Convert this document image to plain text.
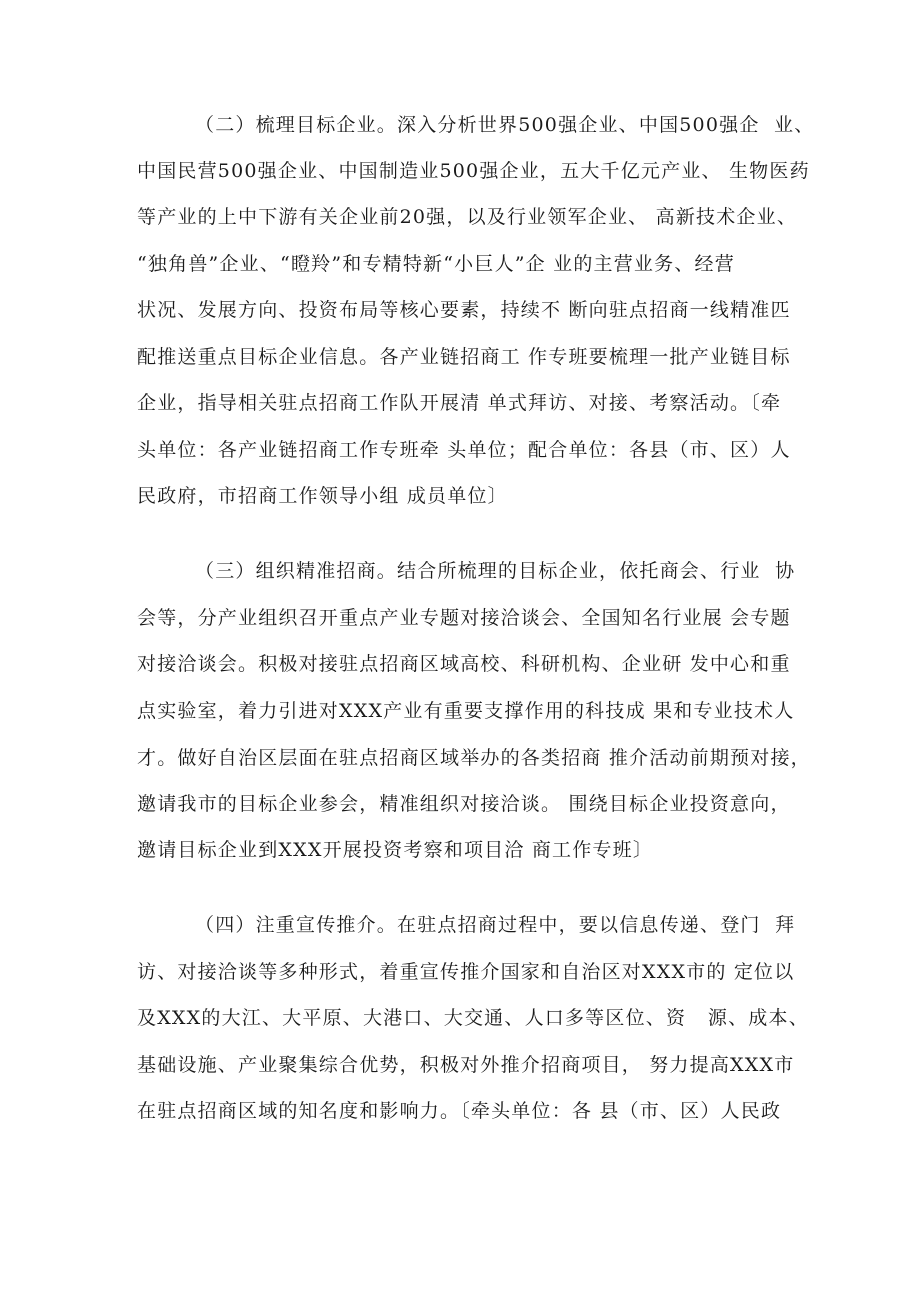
（二）梳理目标企业。深入分析世界500强企业、中国500强企  业、
中国民营500强企业、中国制造业500强企业，五大千亿元产业、 生物医药
等产业的上中下游有关企业前20强，以及行业领军企业、 高新技术企业、
“独角兽”企业、“瞪羚”和专精特新“小巨人”企 业的主营业务、经营
状况、发展方向、投资布局等核心要素，持续不 断向驻点招商一线精准匹
配推送重点目标企业信息。各产业链招商工 作专班要梳理一批产业链目标
企业，指导相关驻点招商工作队开展清 单式拜访、对接、考察活动。〔牵
头单位：各产业链招商工作专班牵 头单位；配合单位：各县（市、区）人
民政府，市招商工作领导小组 成员单位〕
（三）组织精准招商。结合所梳理的目标企业，依托商会、行业  协
会等，分产业组织召开重点产业专题对接洽谈会、全国知名行业展 会专题
对接洽谈会。积极对接驻点招商区域高校、科研机构、企业研 发中心和重
点实验室，着力引进对XXX产业有重要支撑作用的科技成 果和专业技术人
才。做好自治区层面在驻点招商区域举办的各类招商 推介活动前期预对接，
邀请我市的目标企业参会，精准组织对接洽谈。 围绕目标企业投资意向，
邀请目标企业到XXX开展投资考察和项目洽 商工作专班〕
（四）注重宣传推介。在驻点招商过程中，要以信息传递、登门  拜
访、对接洽谈等多种形式，着重宣传推介国家和自治区对XXX市的 定位以
及XXX的大江、大平原、大港口、大交通、人口多等区位、资   源、成本、
基础设施、产业聚集综合优势，积极对外推介招商项目， 努力提高XXX市
在驻点招商区域的知名度和影响力。〔牵头单位：各 县（市、区）人民政
